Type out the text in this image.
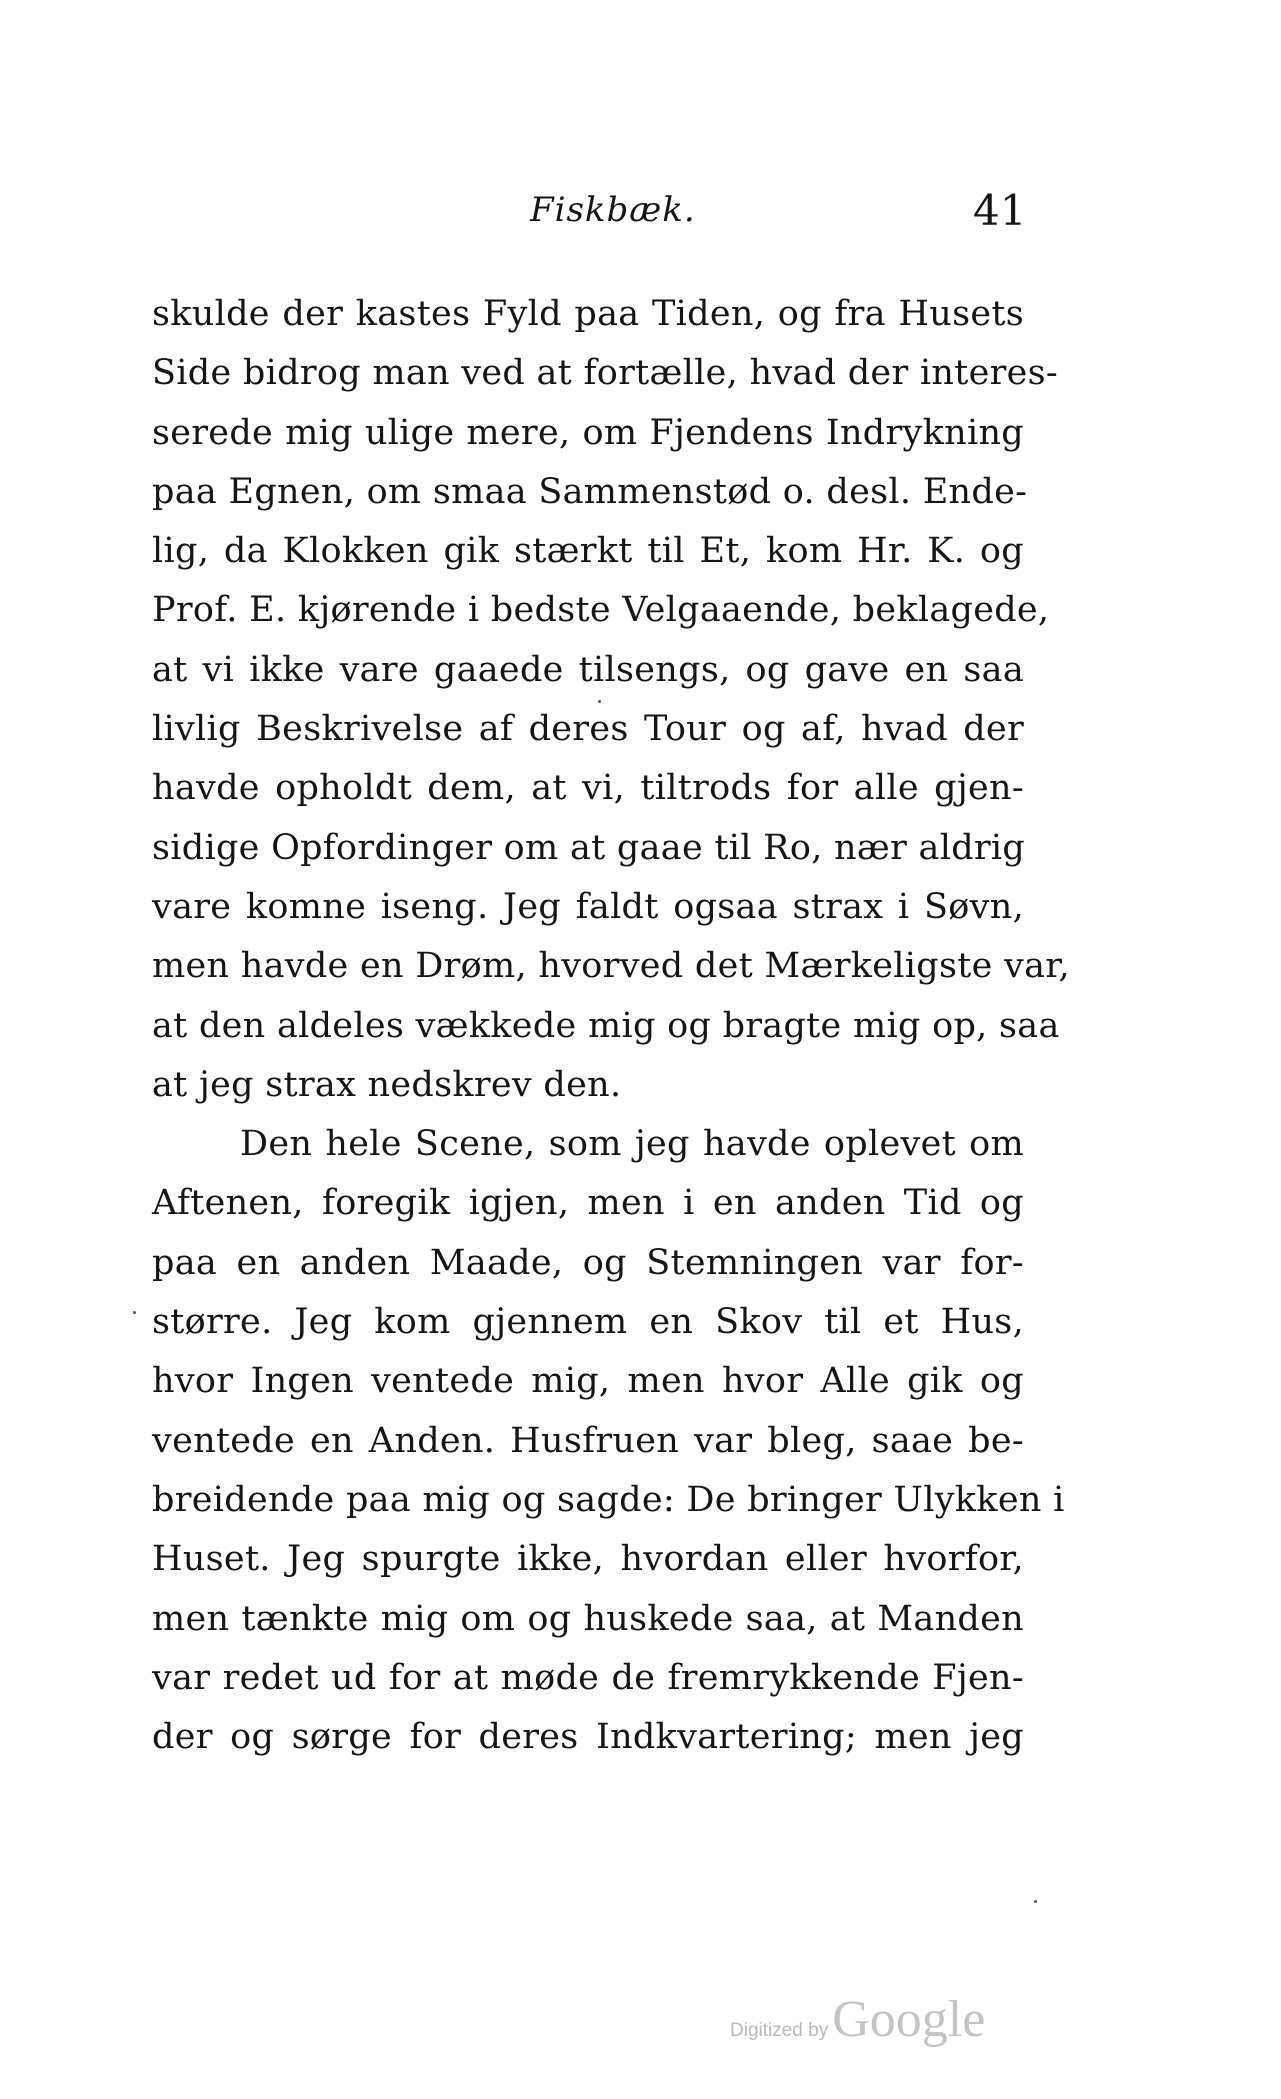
Fiskbæk.	41
skulde der kastes Fyld paa Tiden, og fra Husets
Side bidrog man ved at fortælle, hvad der interes-
serede mig ulige mere, om Fjendens Indrykning
paa Egnen, om smaa Sammenstød o. desl. Ende-
lig, da Klokken gik stærkt til Et, kom Hr. K. og
Prof. E. kjørende i bedste Velgaaende, beklagede,
at vi ikke vare gaaede tilsengs, og gave en saa
livlig Beskrivelse af deres Tour og af, hvad der
havde opholdt dem, at vi, tiltrods for alle gjen-
sidige Opfordinger om at gaae til Ro, nær aldrig
vare komne iseng. Jeg faldt ogsaa strax i Søvn,
men havde en Drøm, hvorved det Mærkeligste var,
at den aldeles vækkede mig og bragte mig op, saa
at jeg strax nedskrev den.
Den hele Scene, som jeg havde oplevet om
Aftenen, foregik igjen, men i en anden Tid og
paa en anden Maade, og Stemningen var for-
større. Jeg kom gjennem en Skov til et Hus,
hvor Ingen ventede mig, men hvor Alle gik og
ventede en Anden. Husfruen var bleg, saae be-
breidende paa mig og sagde: De bringer Ulykken i
Huset. Jeg spurgte ikke, hvordan eller hvorfor,
men tænkte mig om og huskede saa, at Manden
var redet ud for at møde de fremrykkende Fjen-
der og sørge for deres Indkvartering; men jeg
Digitized byGoogle
